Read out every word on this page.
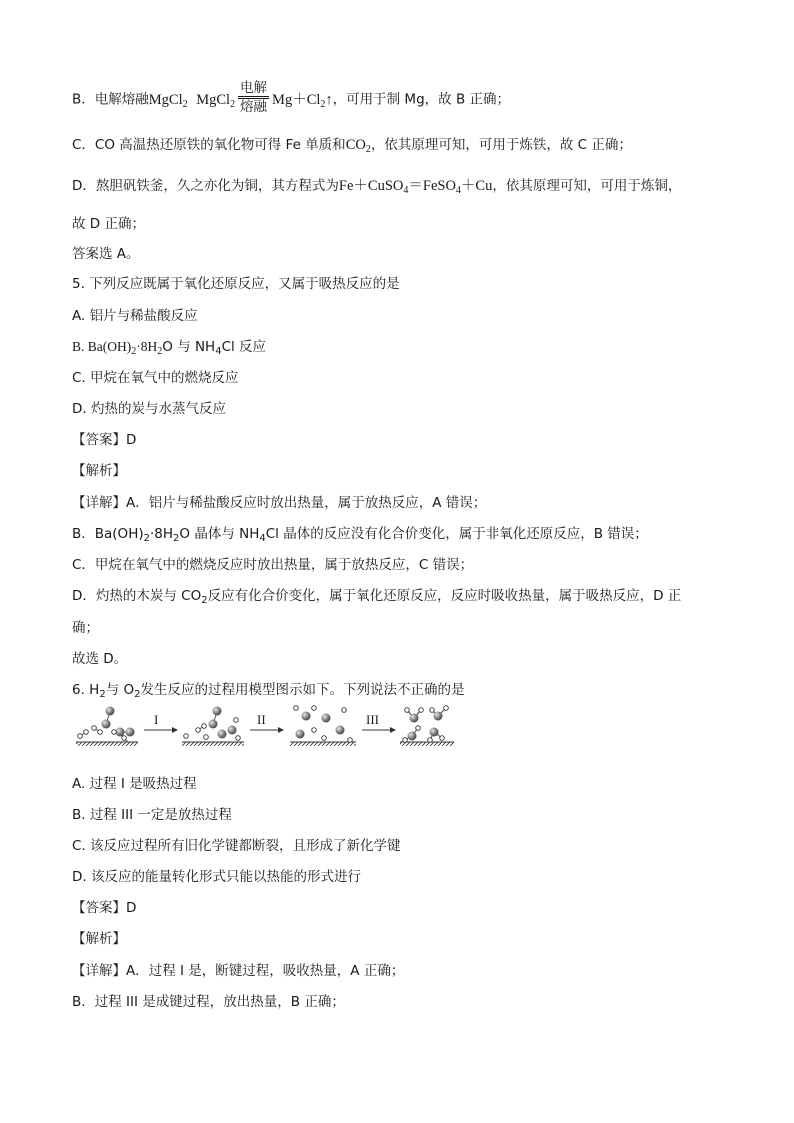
B．电解熔融MgCl$_2$ MgCl$_2$ $\frac{\text{电解}}{\text{熔融}}$ $Mg+Cl_2↑$，可用于制 Mg，故 B 正确；
C．CO 高温热还原铁的氧化物可得 Fe 单质和$CO_2$，依其原理可知，可用于炼铁，故 C 正确；
D．熬胆矾铁釜，久之亦化为铜，其方程式为Fe＋CuSO$_4$＝FeSO$_4$＋Cu，依其原理可知，可用于炼铜，
故 D 正确；
答案选 A。
5. 下列反应既属于氧化还原反应，又属于吸热反应的是
A. 铝片与稀盐酸反应
B. $Ba(OH)_2\cdot 8H_2O$ 与 $NH_4Cl$ 反应
C. 甲烷在氧气中的燃烧反应
D. 灼热的炭与水蒸气反应
【答案】D
【解析】
【详解】A．铝片与稀盐酸反应时放出热量，属于放热反应，A 错误；
B．$Ba(OH)_2\cdot 8H_2O$ 晶体与 $NH_4Cl$ 晶体的反应没有化合价变化，属于非氧化还原反应，B 错误；
C．甲烷在氧气中的燃烧反应时放出热量，属于放热反应，C 错误；
D．灼热的木炭与 $CO_2$反应有化合价变化，属于氧化还原反应，反应时吸收热量，属于吸热反应，D 正
确；
故选 D。
6. $H_2$与 $O_2$发生反应的过程用模型图示如下。下列说法不正确的是
I	II	III
A. 过程 I 是吸热过程
B. 过程 III 一定是放热过程
C. 该反应过程所有旧化学键都断裂，且形成了新化学键
D. 该反应的能量转化形式只能以热能的形式进行
【答案】D
【解析】
【详解】A．过程 I 是，断键过程，吸收热量，A 正确；
B．过程 III 是成键过程，放出热量，B 正确；
